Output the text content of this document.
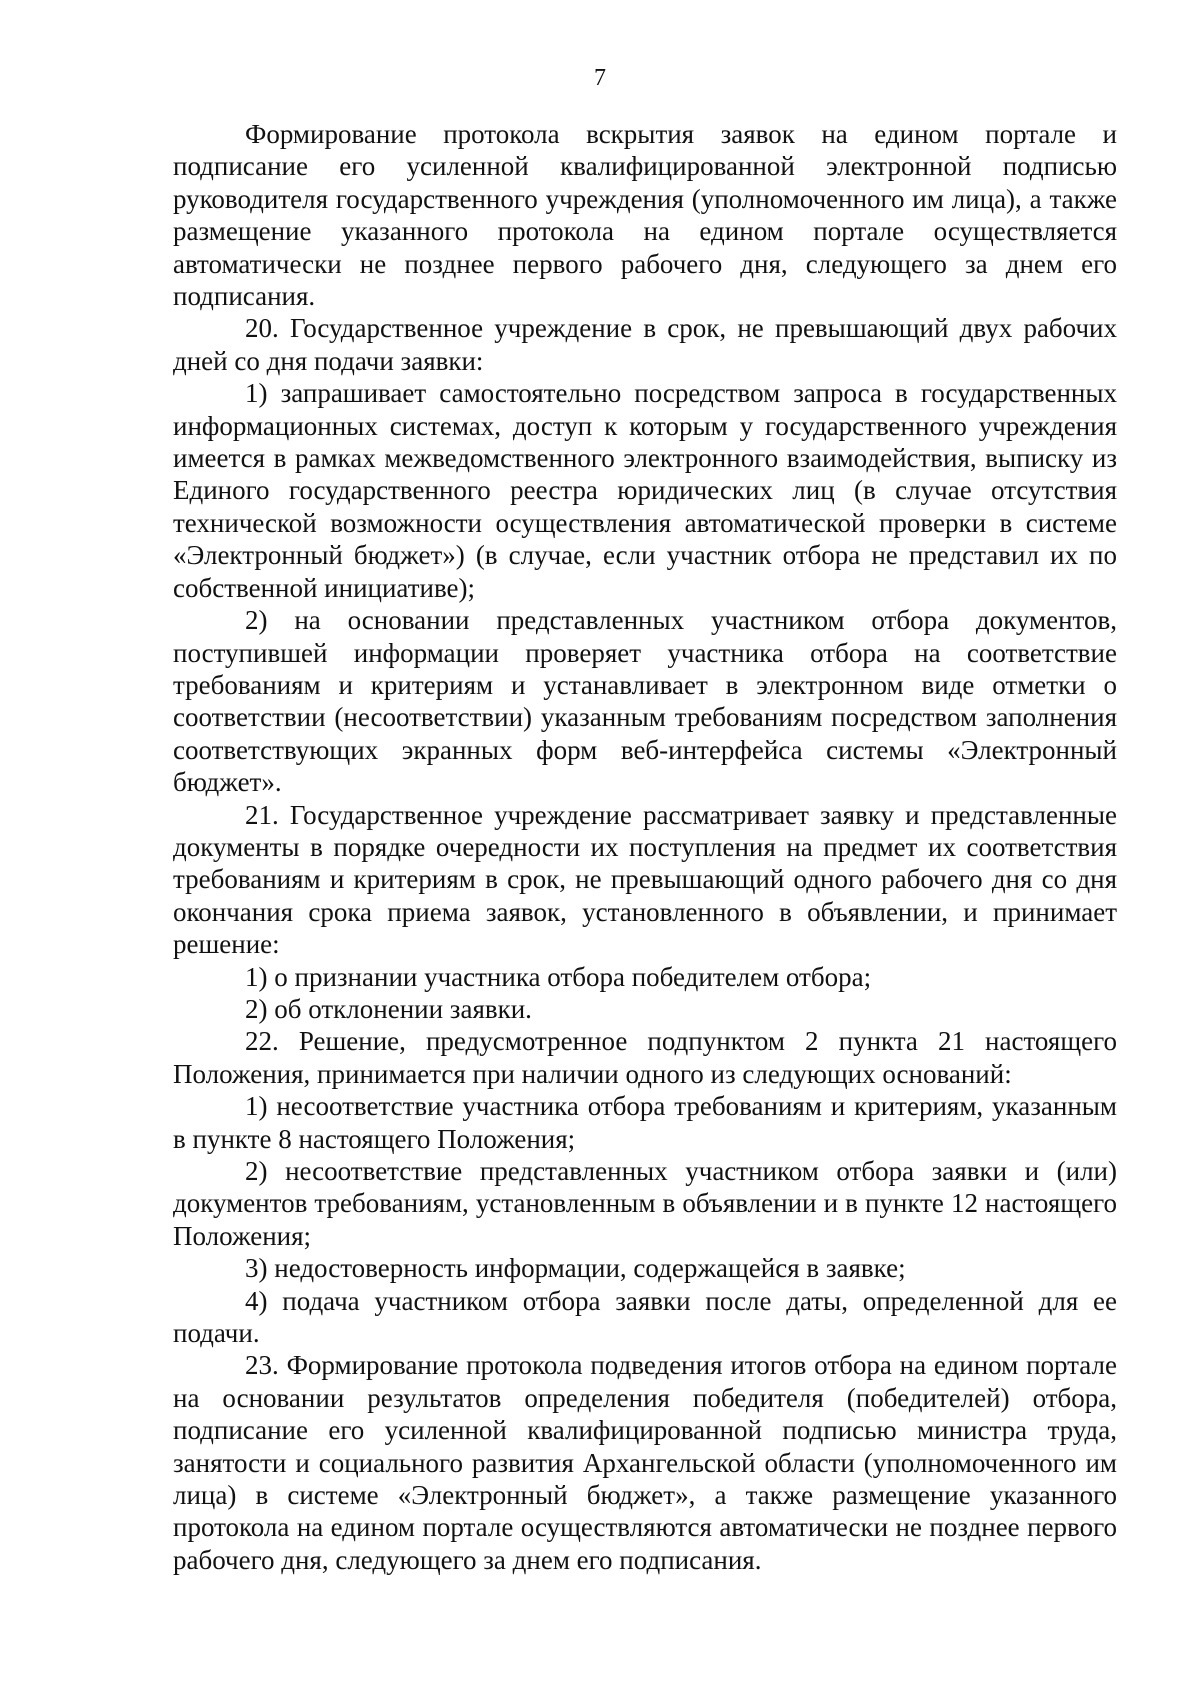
7

Формирование протокола вскрытия заявок на едином портале и подписание его усиленной квалифицированной электронной подписью руководителя государственного учреждения (уполномоченного им лица), а также размещение указанного протокола на едином портале осуществляется автоматически не позднее первого рабочего дня, следующего за днем его подписания.

20. Государственное учреждение в срок, не превышающий двух рабочих дней со дня подачи заявки:

1) запрашивает самостоятельно посредством запроса в государственных информационных системах, доступ к которым у государственного учреждения имеется в рамках межведомственного электронного взаимодействия, выписку из Единого государственного реестра юридических лиц (в случае отсутствия технической возможности осуществления автоматической проверки в системе «Электронный бюджет») (в случае, если участник отбора не представил их по собственной инициативе);

2) на основании представленных участником отбора документов, поступившей информации проверяет участника отбора на соответствие требованиям и критериям и устанавливает в электронном виде отметки о соответствии (несоответствии) указанным требованиям посредством заполнения соответствующих экранных форм веб-интерфейса системы «Электронный бюджет».

21. Государственное учреждение рассматривает заявку и представленные документы в порядке очередности их поступления на предмет их соответствия требованиям и критериям в срок, не превышающий одного рабочего дня со дня окончания срока приема заявок, установленного в объявлении, и принимает решение:

1) о признании участника отбора победителем отбора;

2) об отклонении заявки.

22. Решение, предусмотренное подпунктом 2 пункта 21 настоящего Положения, принимается при наличии одного из следующих оснований:

1) несоответствие участника отбора требованиям и критериям, указанным в пункте 8 настоящего Положения;

2) несоответствие представленных участником отбора заявки и (или) документов требованиям, установленным в объявлении и в пункте 12 настоящего Положения;

3) недостоверность информации, содержащейся в заявке;

4) подача участником отбора заявки после даты, определенной для ее подачи.

23. Формирование протокола подведения итогов отбора на едином портале на основании результатов определения победителя (победителей) отбора, подписание его усиленной квалифицированной подписью министра труда, занятости и социального развития Архангельской области (уполномоченного им лица) в системе «Электронный бюджет», а также размещение указанного протокола на едином портале осуществляются автоматически не позднее первого рабочего дня, следующего за днем его подписания.
